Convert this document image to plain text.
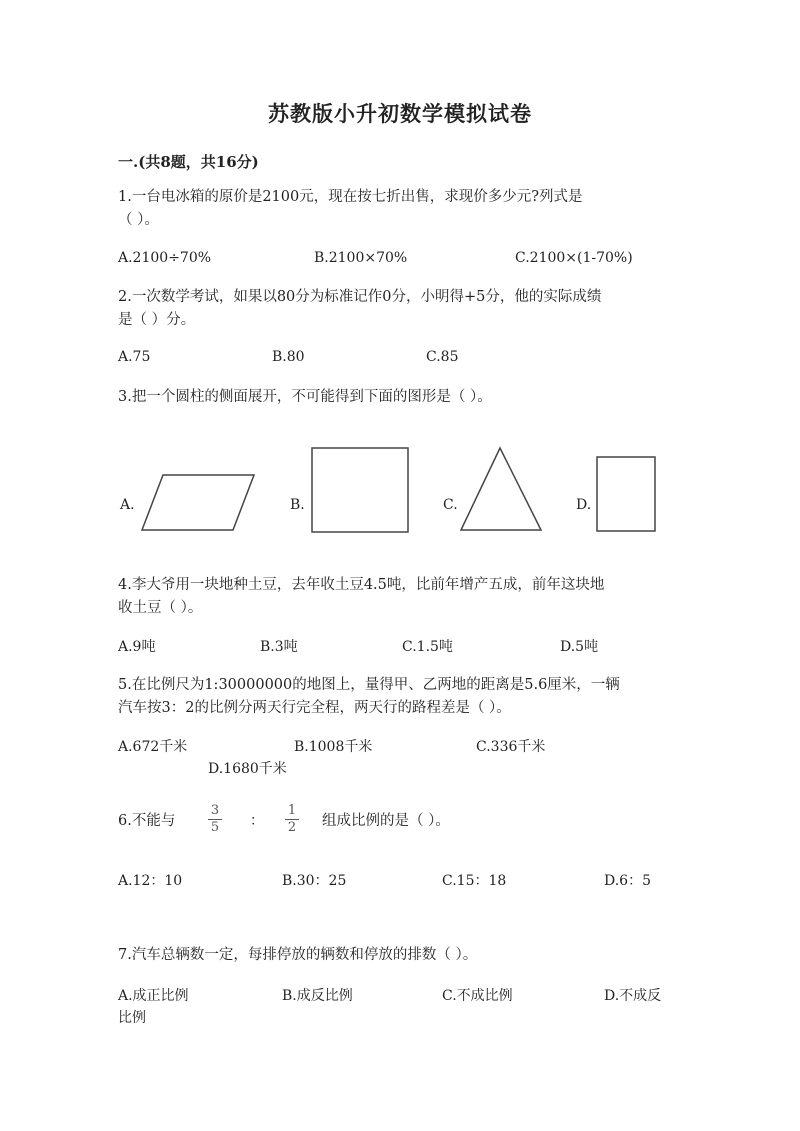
苏教版小升初数学模拟试卷
一.(共8题，共16分)
1.一台电冰箱的原价是2100元，现在按七折出售，求现价多少元?列式是
（ ）。
A.2100÷70%	B.2100×70%	C.2100×(1-70%)
2.一次数学考试，如果以80分为标准记作0分，小明得+5分，他的实际成绩
是（ ）分。
A.75	B.80	C.85
3.把一个圆柱的侧面展开，不可能得到下面的图形是（ ）。
A.	B.	C.	D.
4.李大爷用一块地种土豆，去年收土豆4.5吨，比前年增产五成，前年这块地
收土豆（ ）。
A.9吨	B.3吨	C.1.5吨	D.5吨
5.在比例尺为1:30000000的地图上，量得甲、乙两地的距离是5.6厘米，一辆
汽车按3：2的比例分两天行完全程，两天行的路程差是（ ）。
A.672千米	B.1008千米	C.336千米
D.1680千米
6.不能与
3
5 ：
1
2 组成比例的是（ ）。
A.12：10	B.30：25	C.15：18	D.6：5
7.汽车总辆数一定，每排停放的辆数和停放的排数（ ）。
A.成正比例	B.成反比例	C.不成比例	D.不成反
比例
